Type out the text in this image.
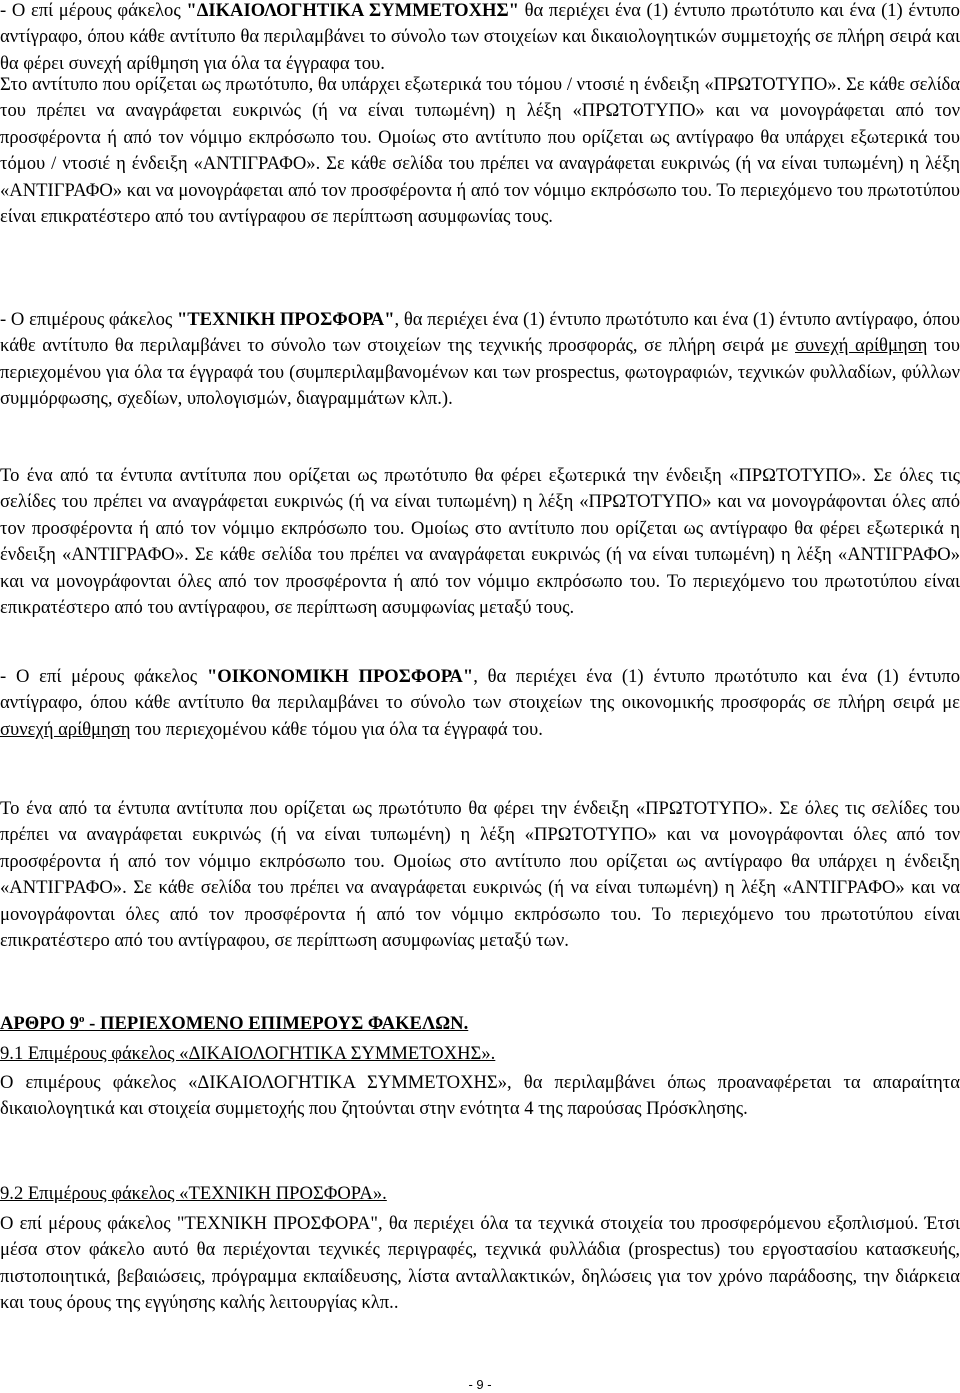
- Ο επί μέρους φάκελος "ΔΙΚΑΙΟΛΟΓΗΤΙΚΑ ΣΥΜΜΕΤΟΧΗΣ" θα περιέχει ένα (1) έντυπο πρωτότυπο και ένα (1) έντυπο αντίγραφο, όπου κάθε αντίτυπο θα περιλαμβάνει το σύνολο των στοιχείων και δικαιολογητικών συμμετοχής σε πλήρη σειρά και θα φέρει συνεχή αρίθμηση για όλα τα έγγραφα του.

Στο αντίτυπο που ορίζεται ως πρωτότυπο, θα υπάρχει εξωτερικά του τόμου / ντοσιέ η ένδειξη «ΠΡΩΤΟΤΥΠΟ». Σε κάθε σελίδα του πρέπει να αναγράφεται ευκρινώς (ή να είναι τυπωμένη) η λέξη «ΠΡΩΤΟΤΥΠΟ» και να μονογράφεται από τον προσφέροντα ή από τον νόμιμο εκπρόσωπο του. Ομοίως στο αντίτυπο που ορίζεται ως αντίγραφο θα υπάρχει εξωτερικά του τόμου / ντοσιέ η ένδειξη «ΑΝΤΙΓΡΑΦΟ». Σε κάθε σελίδα του πρέπει να αναγράφεται ευκρινώς (ή να είναι τυπωμένη) η λέξη «ΑΝΤΙΓΡΑΦΟ» και να μονογράφεται από τον προσφέροντα ή από τον νόμιμο εκπρόσωπο του. Το περιεχόμενο του πρωτοτύπου είναι επικρατέστερο από του αντίγραφου σε περίπτωση ασυμφωνίας τους.

- Ο επιμέρους φάκελος "ΤΕΧΝΙΚΗ ΠΡΟΣΦΟΡΑ", θα περιέχει ένα (1) έντυπο πρωτότυπο και ένα (1) έντυπο αντίγραφο, όπου κάθε αντίτυπο θα περιλαμβάνει το σύνολο των στοιχείων της τεχνικής προσφοράς, σε πλήρη σειρά με συνεχή αρίθμηση του περιεχομένου για όλα τα έγγραφά του (συμπεριλαμβανομένων και των prospectus, φωτογραφιών, τεχνικών φυλλαδίων, φύλλων συμμόρφωσης, σχεδίων, υπολογισμών, διαγραμμάτων κλπ.).

Το ένα από τα έντυπα αντίτυπα που ορίζεται ως πρωτότυπο θα φέρει εξωτερικά την ένδειξη «ΠΡΩΤΟΤΥΠΟ». Σε όλες τις σελίδες του πρέπει να αναγράφεται ευκρινώς (ή να είναι τυπωμένη) η λέξη «ΠΡΩΤΟΤΥΠΟ» και να μονογράφονται όλες από τον προσφέροντα ή από τον νόμιμο εκπρόσωπο του. Ομοίως στο αντίτυπο που ορίζεται ως αντίγραφο θα φέρει εξωτερικά η ένδειξη «ΑΝΤΙΓΡΑΦΟ». Σε κάθε σελίδα του πρέπει να αναγράφεται ευκρινώς (ή να είναι τυπωμένη) η λέξη «ΑΝΤΙΓΡΑΦΟ» και να μονογράφονται όλες από τον προσφέροντα ή από τον νόμιμο εκπρόσωπο του. Το περιεχόμενο του πρωτοτύπου είναι επικρατέστερο από του αντίγραφου, σε περίπτωση ασυμφωνίας μεταξύ τους.

- Ο επί μέρους φάκελος "ΟΙΚΟΝΟΜΙΚΗ ΠΡΟΣΦΟΡΑ", θα περιέχει ένα (1) έντυπο πρωτότυπο και ένα (1) έντυπο αντίγραφο, όπου κάθε αντίτυπο θα περιλαμβάνει το σύνολο των στοιχείων της οικονομικής προσφοράς σε πλήρη σειρά με συνεχή αρίθμηση του περιεχομένου κάθε τόμου για όλα τα έγγραφά του.

Το ένα από τα έντυπα αντίτυπα που ορίζεται ως πρωτότυπο θα φέρει την ένδειξη «ΠΡΩΤΟΤΥΠΟ». Σε όλες τις σελίδες του πρέπει να αναγράφεται ευκρινώς (ή να είναι τυπωμένη) η λέξη «ΠΡΩΤΟΤΥΠΟ» και να μονογράφονται όλες από τον προσφέροντα ή από τον νόμιμο εκπρόσωπο του. Ομοίως στο αντίτυπο που ορίζεται ως αντίγραφο θα υπάρχει η ένδειξη «ΑΝΤΙΓΡΑΦΟ». Σε κάθε σελίδα του πρέπει να αναγράφεται ευκρινώς (ή να είναι τυπωμένη) η λέξη «ΑΝΤΙΓΡΑΦΟ» και να μονογράφονται όλες από τον προσφέροντα ή από τον νόμιμο εκπρόσωπο του. Το περιεχόμενο του πρωτοτύπου είναι επικρατέστερο από του αντίγραφου, σε περίπτωση ασυμφωνίας μεταξύ των.

ΑΡΘΡΟ $9^o$ - ΠΕΡΙΕΧΟΜΕΝΟ ΕΠΙΜΕΡΟΥΣ ΦΑΚΕΛΩΝ.

9.1 Επιμέρους φάκελος «ΔΙΚΑΙΟΛΟΓΗΤΙΚΑ ΣΥΜΜΕΤΟΧΗΣ».

Ο επιμέρους φάκελος «ΔΙΚΑΙΟΛΟΓΗΤΙΚΑ ΣΥΜΜΕΤΟΧΗΣ», θα περιλαμβάνει όπως προαναφέρεται τα απαραίτητα δικαιολογητικά και στοιχεία συμμετοχής που ζητούνται στην ενότητα 4 της παρούσας Πρόσκλησης.

9.2 Επιμέρους φάκελος «ΤΕΧΝΙΚΗ ΠΡΟΣΦΟΡΑ».

Ο επί μέρους φάκελος "ΤΕΧΝΙΚΗ ΠΡΟΣΦΟΡΑ", θα περιέχει όλα τα τεχνικά στοιχεία του προσφερόμενου εξοπλισμού. Έτσι μέσα στον φάκελο αυτό θα περιέχονται τεχνικές περιγραφές, τεχνικά φυλλάδια (prospectus) του εργοστασίου κατασκευής, πιστοποιητικά, βεβαιώσεις, πρόγραμμα εκπαίδευσης, λίστα ανταλλακτικών, δηλώσεις για τον χρόνο παράδοσης, την διάρκεια και τους όρους της εγγύησης καλής λειτουργίας κλπ..

- 9 -
